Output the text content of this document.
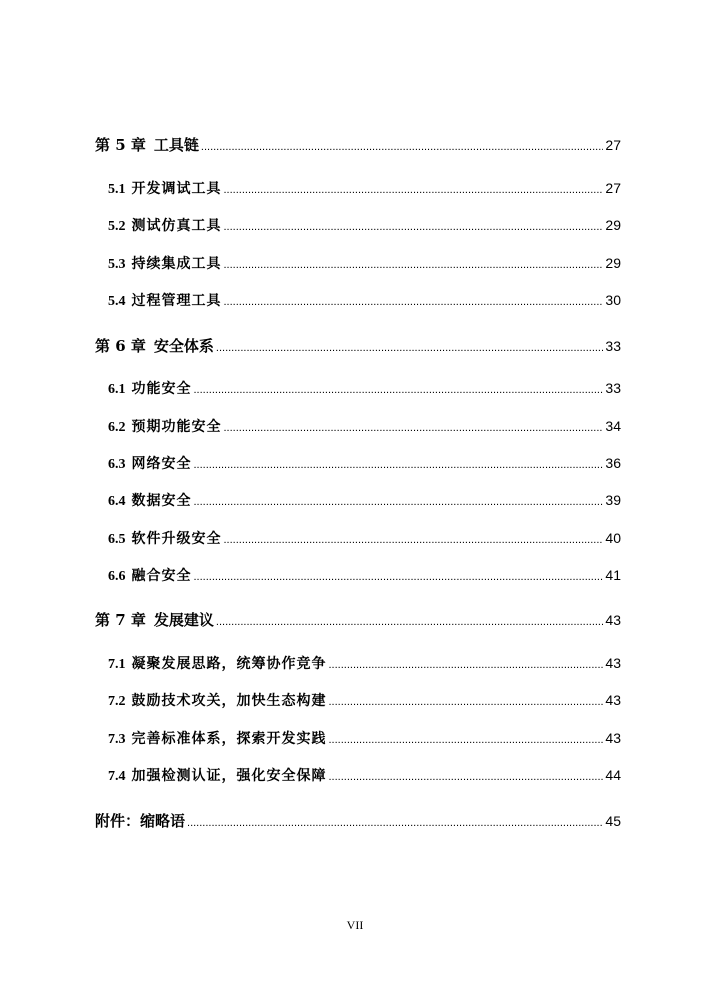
第 5 章 工具链 .....	27
5.1 开发调试工具 .....	27
5.2 测试仿真工具 .....	29
5.3 持续集成工具 .....	29
5.4 过程管理工具 .....	30
第 6 章 安全体系 .....	33
6.1 功能安全 .....	33
6.2 预期功能安全 .....	34
6.3 网络安全 .....	36
6.4 数据安全 .....	39
6.5 软件升级安全 .....	40
6.6 融合安全 .....	41
第 7 章 发展建议 .....	43
7.1 凝聚发展思路，统筹协作竞争 .....	43
7.2 鼓励技术攻关，加快生态构建 .....	43
7.3 完善标准体系，探索开发实践 .....	43
7.4 加强检测认证，强化安全保障 .....	44
附件：缩略语 .....	45
VII
